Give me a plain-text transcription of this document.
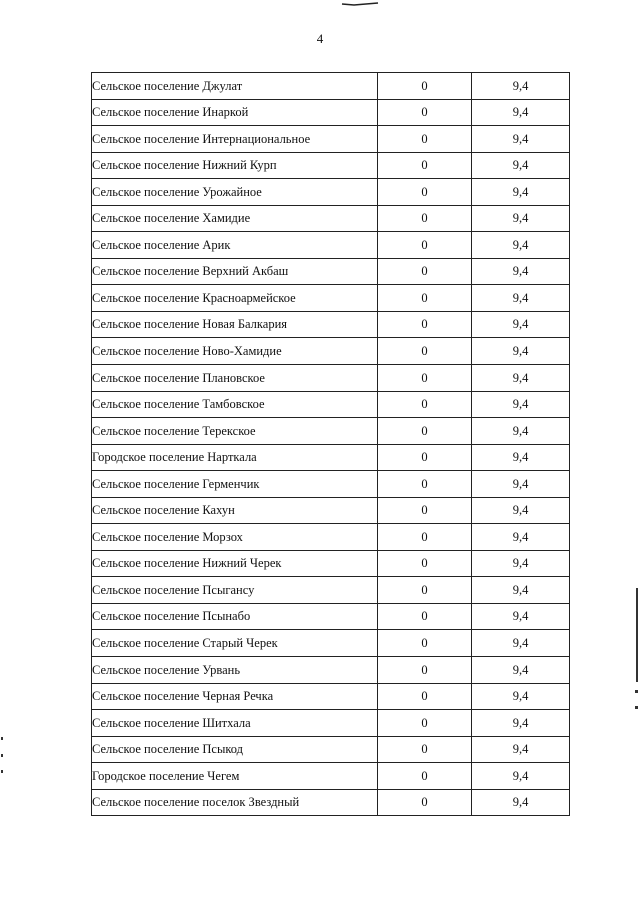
4
Сельское поселение Джулат	0	9,4
Сельское поселение Инаркой	0	9,4
Сельское поселение Интернациональное	0	9,4
Сельское поселение Нижний Курп	0	9,4
Сельское поселение Урожайное	0	9,4
Сельское поселение Хамидие	0	9,4
Сельское поселение Арик	0	9,4
Сельское поселение Верхний Акбаш	0	9,4
Сельское поселение Красноармейское	0	9,4
Сельское поселение Новая Балкария	0	9,4
Сельское поселение Ново-Хамидие	0	9,4
Сельское поселение Плановское	0	9,4
Сельское поселение Тамбовское	0	9,4
Сельское поселение Терекское	0	9,4
Городское поселение Нарткала	0	9,4
Сельское поселение Герменчик	0	9,4
Сельское поселение Кахун	0	9,4
Сельское поселение Морзох	0	9,4
Сельское поселение Нижний Черек	0	9,4
Сельское поселение Псыгансу	0	9,4
Сельское поселение Псынабо	0	9,4
Сельское поселение Старый Черек	0	9,4
Сельское поселение Урвань	0	9,4
Сельское поселение Черная Речка	0	9,4
Сельское поселение Шитхала	0	9,4
Сельское поселение Псыкод	0	9,4
Городское поселение Чегем	0	9,4
Сельское поселение поселок Звездный	0	9,4
